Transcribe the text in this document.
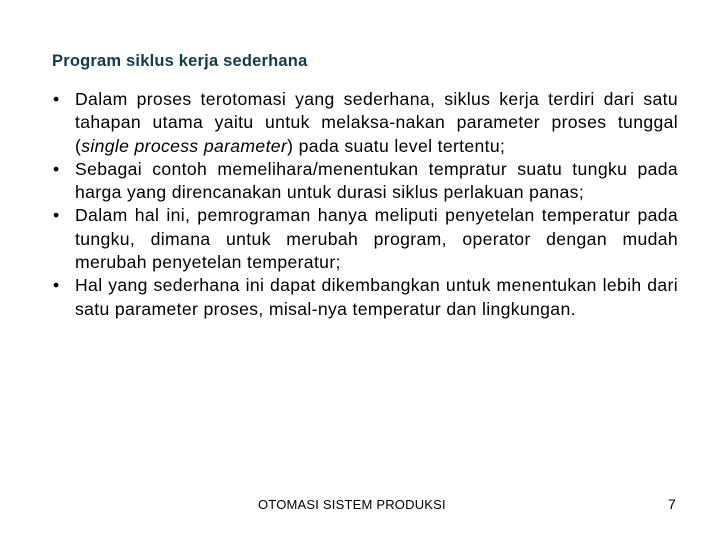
Program siklus kerja sederhana
• Dalam proses terotomasi yang sederhana, siklus kerja terdiri dari satu tahapan utama yaitu untuk melaksa-nakan parameter proses tunggal (single process parameter) pada suatu level tertentu;
• Sebagai contoh memelihara/menentukan tempratur suatu tungku pada harga yang direncanakan untuk durasi siklus perlakuan panas;
• Dalam hal ini, pemrograman hanya meliputi penyetelan temperatur pada tungku, dimana untuk merubah program, operator dengan mudah merubah penyetelan temperatur;
• Hal yang sederhana ini dapat dikembangkan untuk menentukan lebih dari satu parameter proses, misal-nya temperatur dan lingkungan.
OTOMASI SISTEM PRODUKSI	7
